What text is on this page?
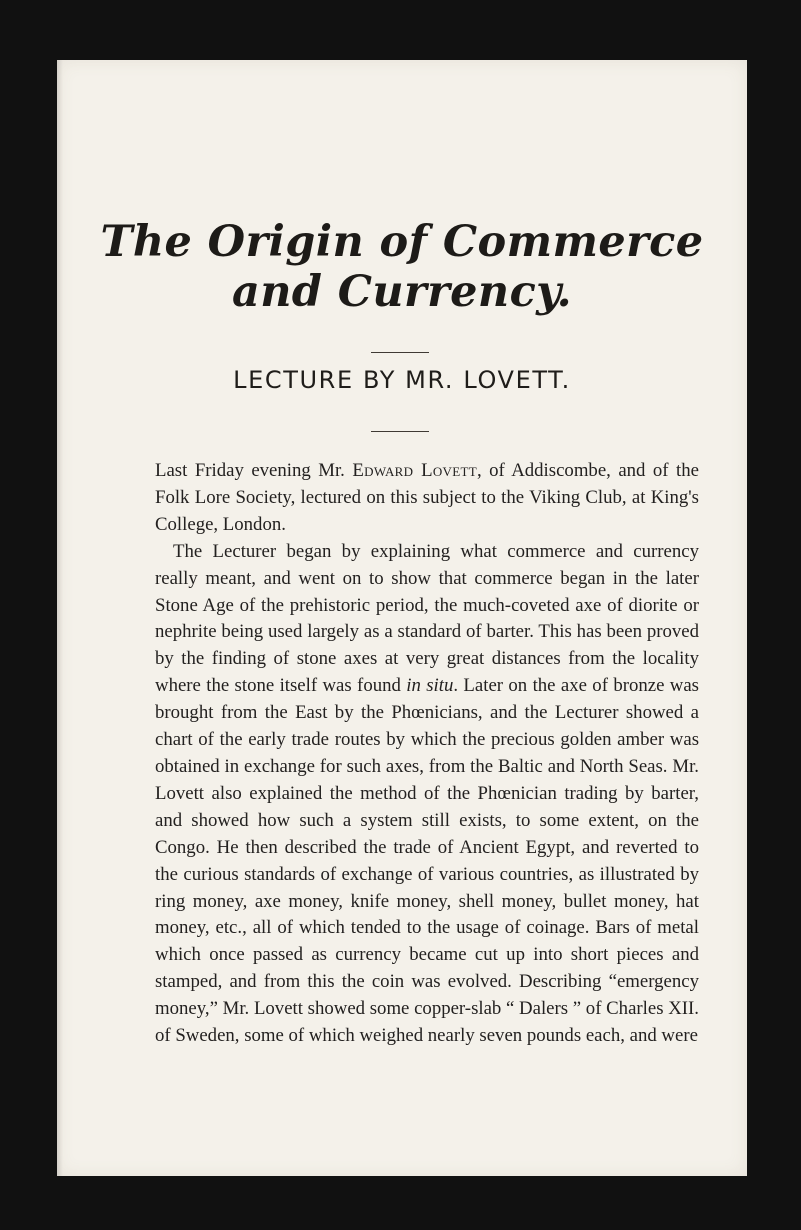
The Origin of Commerce
and Currency.
LECTURE BY MR. LOVETT.

Last Friday evening Mr. Edward Lovett, of Addiscombe, and of the Folk Lore Society, lectured on this subject to the Viking Club, at King's College, London.

The Lecturer began by explaining what commerce and currency really meant, and went on to show that commerce began in the later Stone Age of the prehistoric period, the much-coveted axe of diorite or nephrite being used largely as a standard of barter. This has been proved by the finding of stone axes at very great distances from the locality where the stone itself was found in situ. Later on the axe of bronze was brought from the East by the Phœnicians, and the Lecturer showed a chart of the early trade routes by which the precious golden amber was obtained in exchange for such axes, from the Baltic and North Seas. Mr. Lovett also explained the method of the Phœnician trading by barter, and showed how such a system still exists, to some extent, on the Congo. He then described the trade of Ancient Egypt, and reverted to the curious standards of exchange of various countries, as illustrated by ring money, axe money, knife money, shell money, bullet money, hat money, etc., all of which tended to the usage of coinage. Bars of metal which once passed as currency became cut up into short pieces and stamped, and from this the coin was evolved. Describing “emergency money,” Mr. Lovett showed some copper-slab “ Dalers ” of Charles XII. of Sweden, some of which weighed nearly seven pounds each, and were
